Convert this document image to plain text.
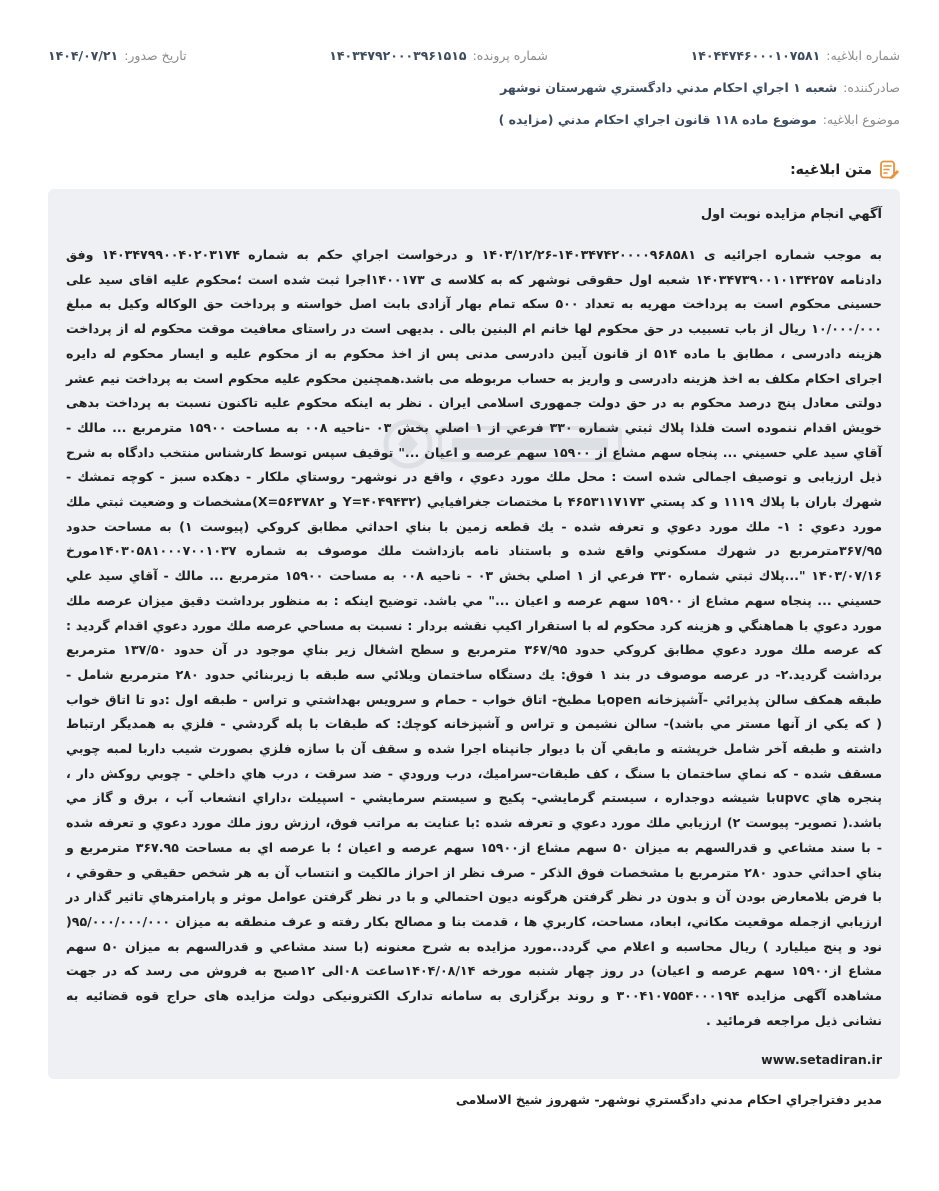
شماره ابلاغيه:
۱۴۰۴۴۷۴۶۰۰۰۱۰۷۵۸۱
شماره پرونده:
۱۴۰۳۴۷۹۲۰۰۰۳۹۶۱۵۱۵
تاريخ صدور:
۱۴۰۴/۰۷/۲۱
صادرکننده:
شعبه ۱ اجراي احکام مدني دادگستري شهرستان نوشهر
موضوع ابلاغيه:
موضوع ماده ۱۱۸ قانون اجراي احکام مدني (مزايده )
متن ابلاغيه:

آگهي انجام مزايده نوبت اول

به موجب شماره اجرائيه ی ۱۴۰۳۴۷۴۲۰۰۰۰۹۶۸۵۸۱-۱۴۰۳/۱۲/۲۶ و درخواست اجراي حکم به شماره ۱۴۰۳۴۷۹۹۰۰۴۰۲۰۳۱۷۴ وفق دادنامه ۱۴۰۳۴۷۳۹۰۰۱۰۱۳۴۲۵۷ شعبه اول حقوقی نوشهر که به کلاسه ی ۱۴۰۰۱۷۳اجرا ثبت شده است ؛محکوم علیه اقای سید علی حسینی محکوم است به پرداخت مهریه به تعداد ۵۰۰ سکه تمام بهار آزادی بابت اصل خواسته و پرداخت حق الوکاله وکیل به مبلغ ۱۰/۰۰۰/۰۰۰ ریال از باب تسبیب در حق محکوم لها خانم ام البنین بالی . بديهی است در راستای معافيت موقت محکوم له از پرداخت هزينه دادرسی ، مطابق با ماده ۵۱۴ از قانون آيين دادرسی مدنی پس از اخذ محکوم به از محکوم عليه و ايسار محکوم له دايره اجرای احکام مکلف به اخذ هزينه دادرسی و واريز به حساب مربوطه می باشد.همچنین محکوم علیه محکوم است به پرداخت نیم عشر دولتی معادل پنج درصد محکوم به در حق دولت جمهوری اسلامی ایران . نظر به اینکه محکوم علیه تاکنون نسبت به پرداخت بدهی خویش اقدام ننموده است فلذا پلاك ثبتي شماره ۳۳۰ فرعي از ۱ اصلي بخش ۰۳ -ناحيه ۰۰۸ به مساحت ۱۵۹۰۰ مترمربع ... مالك - آقاي سيد علي حسيني ... پنجاه سهم مشاع از ۱۵۹۰۰ سهم عرصه و اعيان ..." توقيف سپس توسط کارشناس منتخب دادگاه به شرح ذیل ارزیابی و توصيف اجمالی شده است : محل ملك مورد دعوي ، واقع در نوشهر- روستاي ملكار - دهكده سبز - كوچه تمشك - شهرك باران با پلاك ۱۱۱۹ و كد پستي ۴۶۵۳۱۱۷۱۷۳ با مختصات جغرافيايي (۴۰۴۹۴۳۲=Y و ۵۶۳۷۸۲=X)مشخصات و وضعيت ثبتي ملك مورد دعوي : ۱- ملك مورد دعوي و تعرفه شده - يك قطعه زمين با بناي احداثي مطابق كروكي (پيوست ۱) به مساحت حدود ۳۶۷/۹۵مترمربع در شهرك مسكوني واقع شده و باستناد نامه بازداشت ملك موصوف به شماره ۱۴۰۳۰۵۸۱۰۰۰۷۰۰۱۰۳۷مورخ ۱۴۰۳/۰۷/۱۶ "...پلاك ثبتي شماره ۳۳۰ فرعي از ۱ اصلي بخش ۰۳ - ناحيه ۰۰۸ به مساحت ۱۵۹۰۰ مترمربع ... مالك - آقاي سيد علي حسيني ... پنجاه سهم مشاع از ۱۵۹۰۰ سهم عرصه و اعيان ..." مي باشد. توضيح اينكه : به منظور برداشت دقيق ميزان عرصه ملك مورد دعوي با هماهنگي و هزينه كرد محكوم له با استقرار اكيپ نقشه بردار : نسبت به مساحي عرصه ملك مورد دعوي اقدام گرديد : كه عرصه ملك مورد دعوي مطابق كروكي حدود ۳۶۷/۹۵ مترمربع و سطح اشغال زير بناي موجود در آن حدود ۱۳۷/۵۰ مترمربع برداشت گرديد.۲- در عرصه موصوف در بند ۱ فوق: يك دستگاه ساختمان ويلائي سه طبقه با زيربنائي حدود ۲۸۰ مترمربع شامل - طبقه همكف سالن پذيرائي -آشپزخانه openبا مطبخ- اتاق خواب - حمام و سرويس بهداشتي و تراس - طبقه اول :دو تا اتاق خواب ( كه يكي از آنها مستر مي باشد)- سالن نشيمن و تراس و آشپزخانه كوچك: كه طبقات با پله گردشي - فلزي به همديگر ارتباط داشته و طبقه آخر شامل خرپشته و مابقي آن با ديوار جانپناه اجرا شده و سقف آن با سازه فلزي بصورت شيب داربا لمبه چوبي مسقف شده - كه نماي ساختمان با سنگ ، كف طبقات-سراميك، درب ورودي - ضد سرقت ، درب هاي داخلي - چوبي روكش دار ، پنجره هاي upvcبا شيشه دوجداره ، سيستم گرمايشي- پكيج و سيستم سرمايشي - اسپيلت ،داراي انشعاب آب ، برق و گاز مي باشد.( تصوير- پيوست ۲) ارزيابي ملك مورد دعوي و تعرفه شده :با عنايت به مراتب فوق، ارزش روز ملك مورد دعوي و تعرفه شده - با سند مشاعي و قدرالسهم به ميزان ۵۰ سهم مشاع از۱۵۹۰۰ سهم عرصه و اعيان ؛ با عرصه اي به مساحت ۳۶۷.۹۵ مترمربع و بناي احداثي حدود ۲۸۰ مترمربع با مشخصات فوق الذكر - صرف نظر از احراز مالكيت و انتساب آن به هر شخص حقيقي و حقوقي ، با فرض بلامعارض بودن آن و بدون در نظر گرفتن هرگونه ديون احتمالي و با در نظر گرفتن عوامل موثر و پارامترهاي تاثير گذار در ارزيابي ازجمله موقعيت مكاني، ابعاد، مساحت، كاربري ها ، قدمت بنا و مصالح بكار رفته و عرف منطقه به ميزان ۹۵/۰۰۰/۰۰۰/۰۰۰( نود و پنج ميليارد ) ريال محاسبه و اعلام مي گردد..مورد مزايده به شرح معنونه (با سند مشاعي و قدرالسهم به ميزان ۵۰ سهم مشاع از۱۵۹۰۰ سهم عرصه و اعيان) در روز چهار شنبه مورخه ۱۴۰۴/۰۸/۱۴ساعت ۰۸الی ۱۲صبح به فروش می رسد که در جهت مشاهده آگهی مزایده ۳۰۰۴۱۰۷۵۵۴۰۰۰۱۹۴ و روند برگزاری به سامانه تدارک الکترونیکی دولت مزایده های حراج قوه قضائیه به نشانی ذیل مراجعه فرمائید .

www.setadiran.ir
مدير دفتراجراي احكام مدني دادگستري نوشهر- شهروز شيخ الاسلامی
